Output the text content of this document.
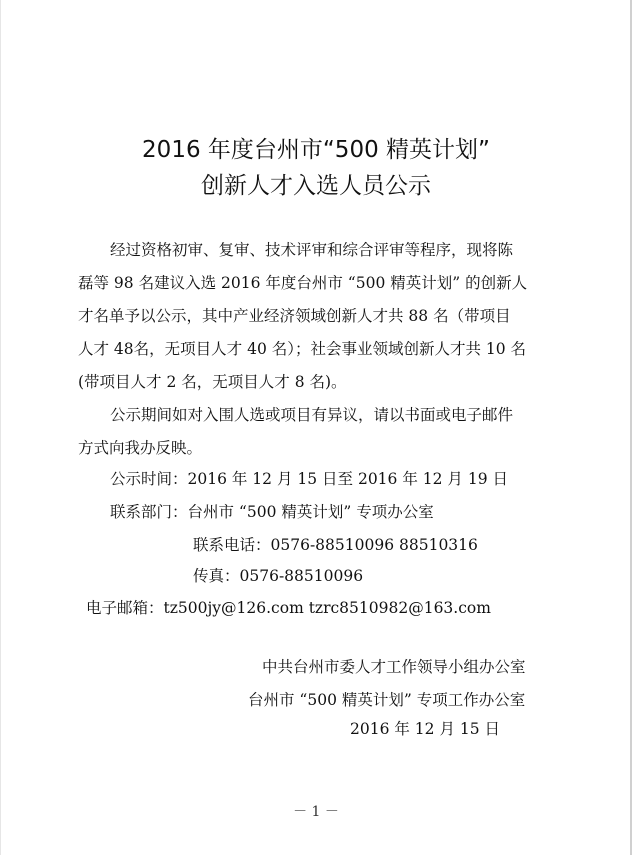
2016 年度台州市“500 精英计划”
创新人才入选人员公示
经过资格初审、复审、技术评审和综合评审等程序，现将陈
磊等 98 名建议入选 2016 年度台州市 “500 精英计划” 的创新人
才名单予以公示，其中产业经济领域创新人才共 88 名（带项目
人才 48名，无项目人才 40 名）；社会事业领域创新人才共 10 名
(带项目人才 2 名，无项目人才 8 名)。
公示期间如对入围人选或项目有异议，请以书面或电子邮件
方式向我办反映。
公示时间：2016 年 12 月 15 日至 2016 年 12 月 19 日
联系部门：台州市 “500 精英计划” 专项办公室
联系电话：0576-88510096 88510316
传真：0576-88510096
电子邮箱：tz500jy@126.com tzrc8510982@163.com
中共台州市委人才工作领导小组办公室
台州市 “500 精英计划” 专项工作办公室
2016 年 12 月 15 日
－ 1 －
